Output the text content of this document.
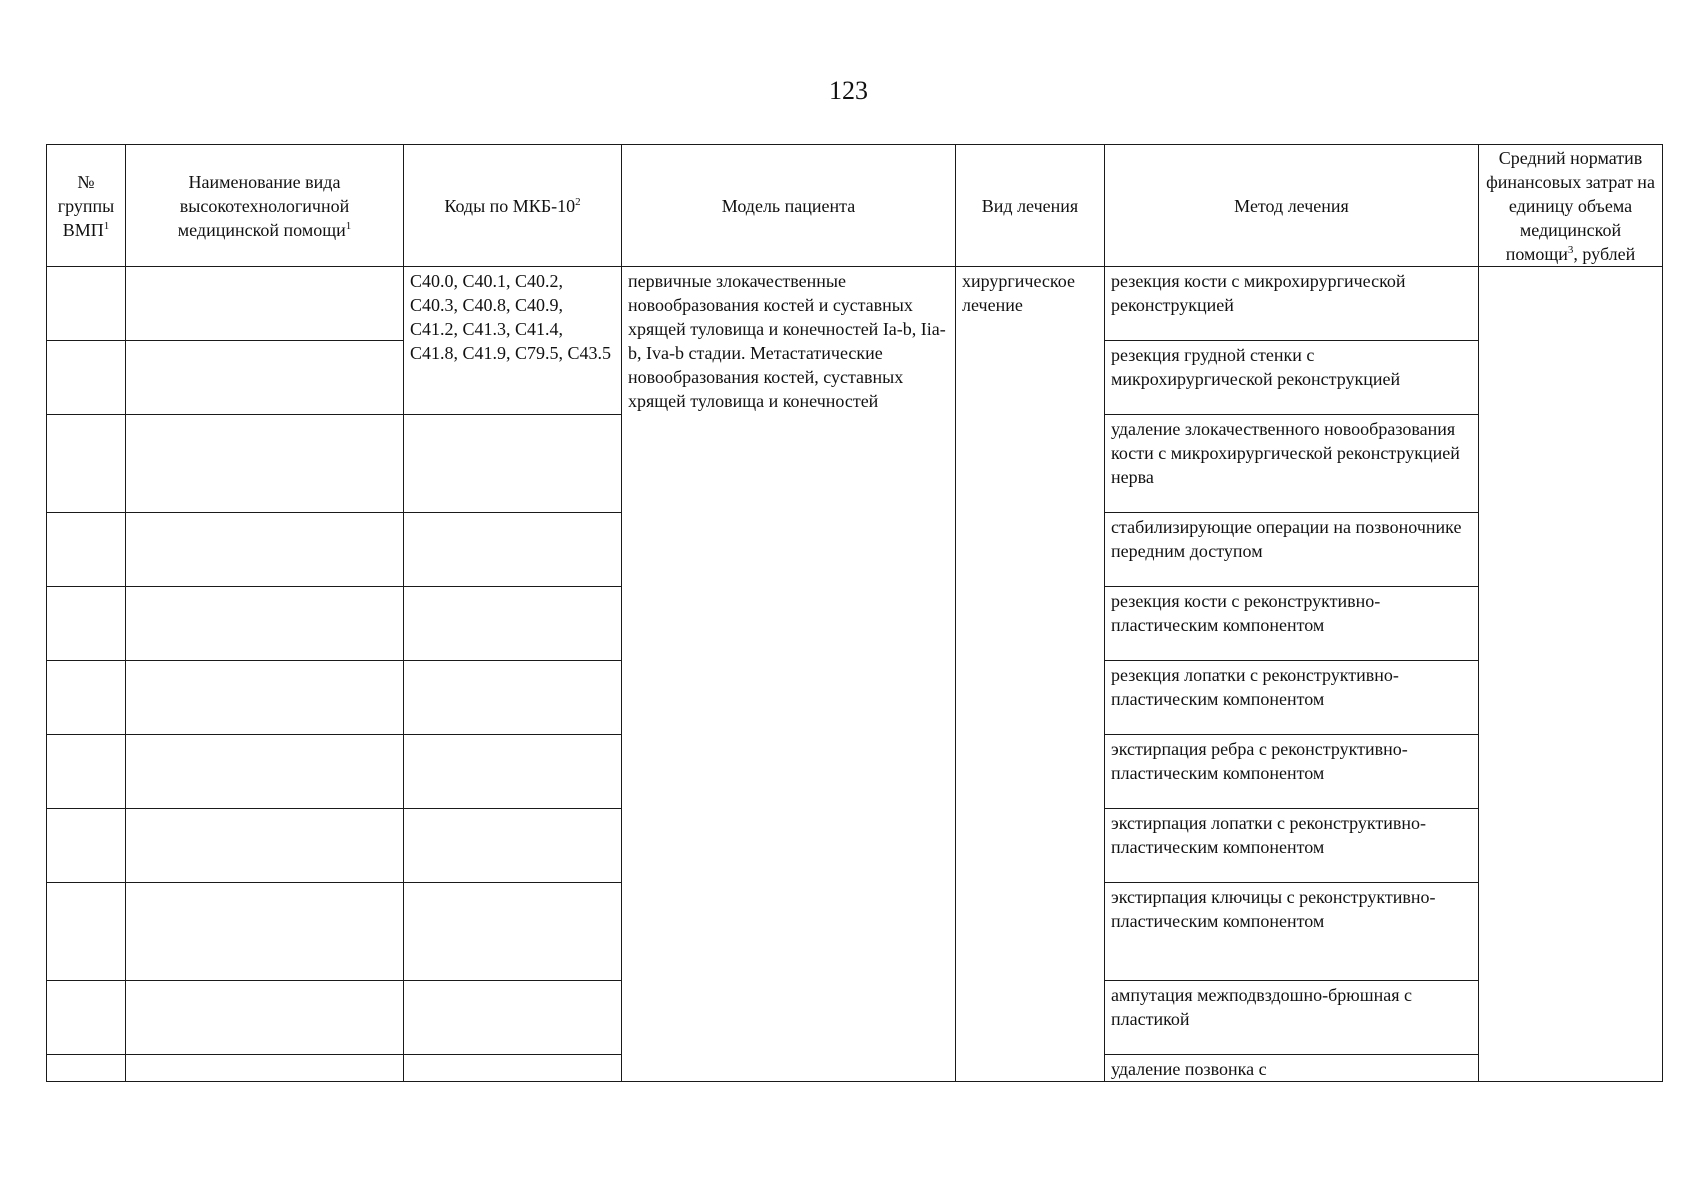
123
№ группы ВМП$^1$	Наименование вида высокотехнологичной медицинской помощи$^1$	Коды по МКБ-$10^2$	Модель пациента	Вид лечения	Метод лечения	Средний норматив финансовых затрат на единицу объема медицинской помощи$^3$, рублей
		C40.0, C40.1, C40.2, C40.3, C40.8, C40.9, C41.2, C41.3, C41.4, C41.8, C41.9, C79.5, C43.5	первичные злокачественные новообразования костей и суставных хрящей туловища и конечностей Ia-b, Iia-b, Iva-b стадии. Метастатические новообразования костей, суставных хрящей туловища и конечностей	хирургическое лечение	резекция кости с микрохирургической реконструкцией	
					резекция грудной стенки с микрохирургической реконструкцией	
					удаление злокачественного новообразования кости с микрохирургической реконструкцией нерва	
					стабилизирующие операции на позвоночнике передним доступом	
					резекция кости с реконструктивно-пластическим компонентом	
					резекция лопатки с реконструктивно-пластическим компонентом	
					экстирпация ребра с реконструктивно-пластическим компонентом	
					экстирпация лопатки с реконструктивно-пластическим компонентом	
					экстирпация ключицы с реконструктивно-пластическим компонентом	
					ампутация межподвздошно-брюшная с пластикой	
					удаление позвонка с	
